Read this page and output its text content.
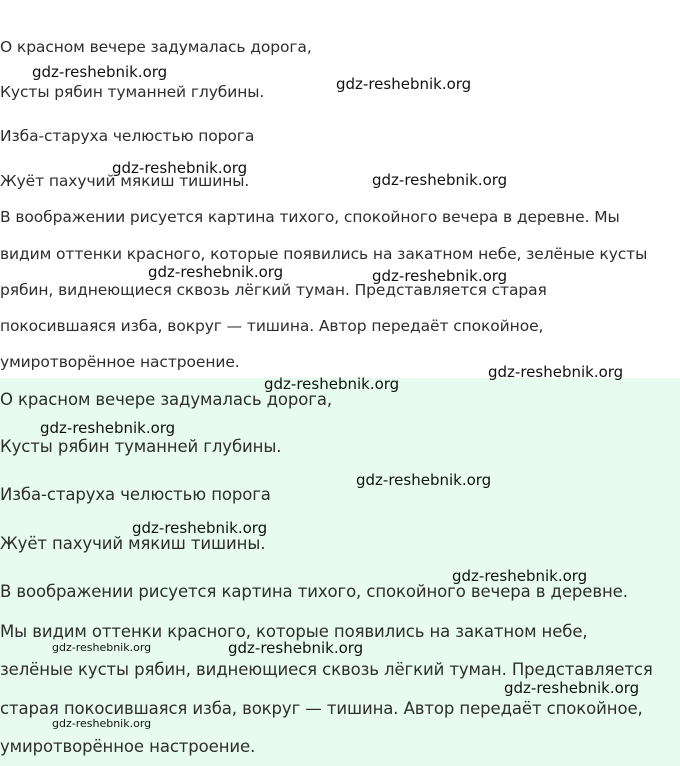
О красном вечере задумалась дорога,
Кусты рябин туманней глубины.
Изба-старуха челюстью порога
Жуёт пахучий мякиш тишины.
В воображении рисуется картина тихого, спокойного вечера в деревне. Мы
видим оттенки красного, которые появились на закатном небе, зелёные кусты
рябин, виднеющиеся сквозь лёгкий туман. Представляется старая
покосившаяся изба, вокруг — тишина. Автор передаёт спокойное,
умиротворённое настроение.
О красном вечере задумалась дорога,
Кусты рябин туманней глубины.
Изба-старуха челюстью порога
Жуёт пахучий мякиш тишины.
В воображении рисуется картина тихого, спокойного вечера в деревне.
Мы видим оттенки красного, которые появились на закатном небе,
зелёные кусты рябин, виднеющиеся сквозь лёгкий туман. Представляется
старая покосившаяся изба, вокруг — тишина. Автор передаёт спокойное,
умиротворённое настроение.
gdz-reshebnik.org
gdz-reshebnik.org
gdz-reshebnik.org
gdz-reshebnik.org
gdz-reshebnik.org	gdz-reshebnik.org
gdz-reshebnik.org
gdz-reshebnik.org
gdz-reshebnik.org
gdz-reshebnik.org
gdz-reshebnik.org
gdz-reshebnik.org
gdz-reshebnik.org	gdz-reshebnik.org
gdz-reshebnik.org
gdz-reshebnik.org
